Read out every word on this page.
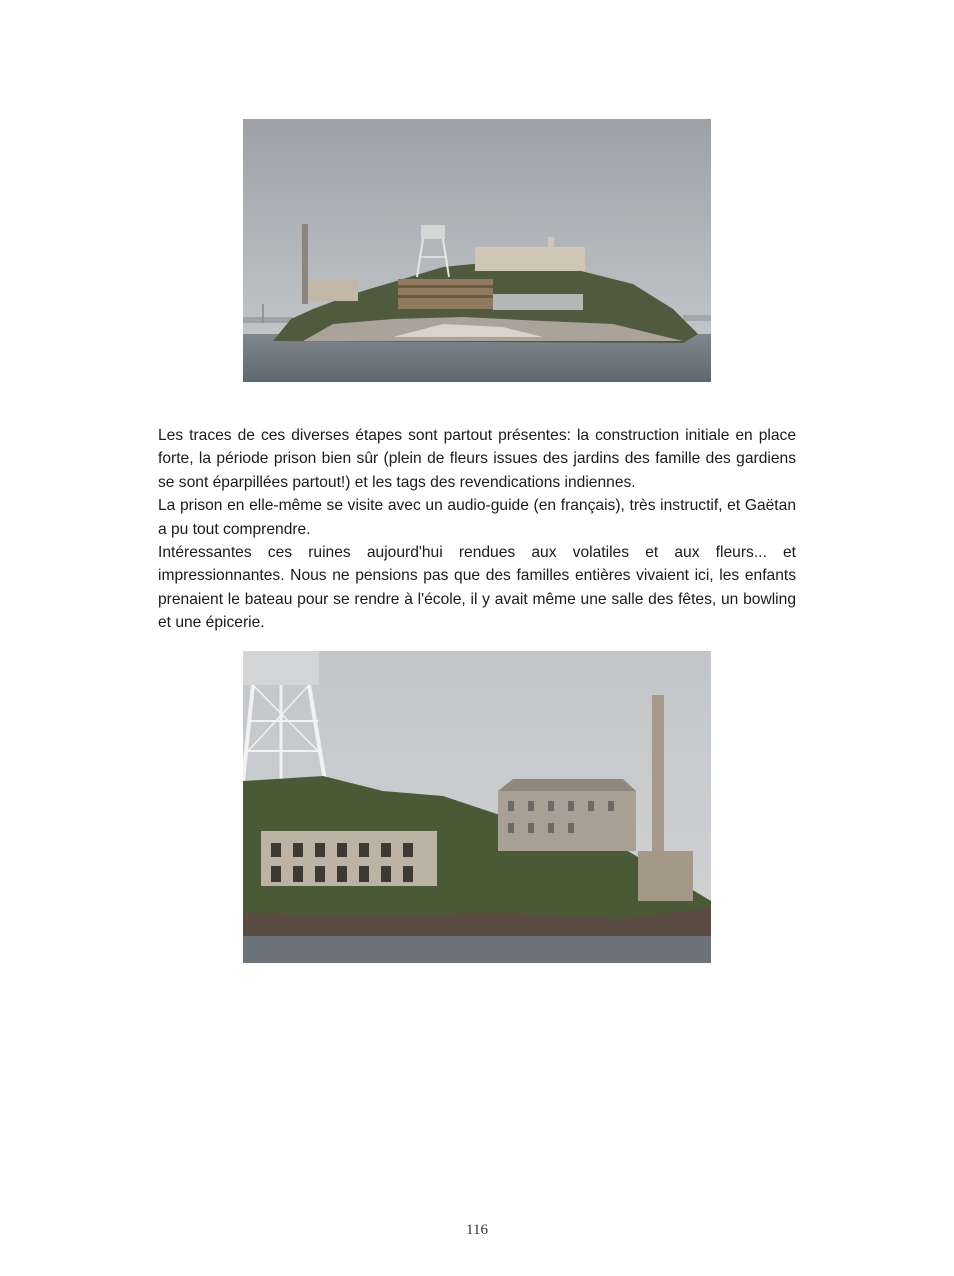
Les traces de ces diverses étapes sont partout présentes: la construction initiale en place forte, la période prison bien sûr (plein de fleurs issues des jardins des famille des gardiens se sont éparpillées partout!) et les tags des revendications indiennes.

La prison en elle-même se visite avec un audio-guide (en français), très instructif, et Gaëtan a pu tout comprendre.

Intéressantes ces ruines aujourd'hui rendues aux volatiles et aux fleurs... et impressionnantes. Nous ne pensions pas que des familles entières vivaient ici, les enfants prenaient le bateau pour se rendre à l'école, il y avait même une salle des fêtes, un bowling et une épicerie.

116
